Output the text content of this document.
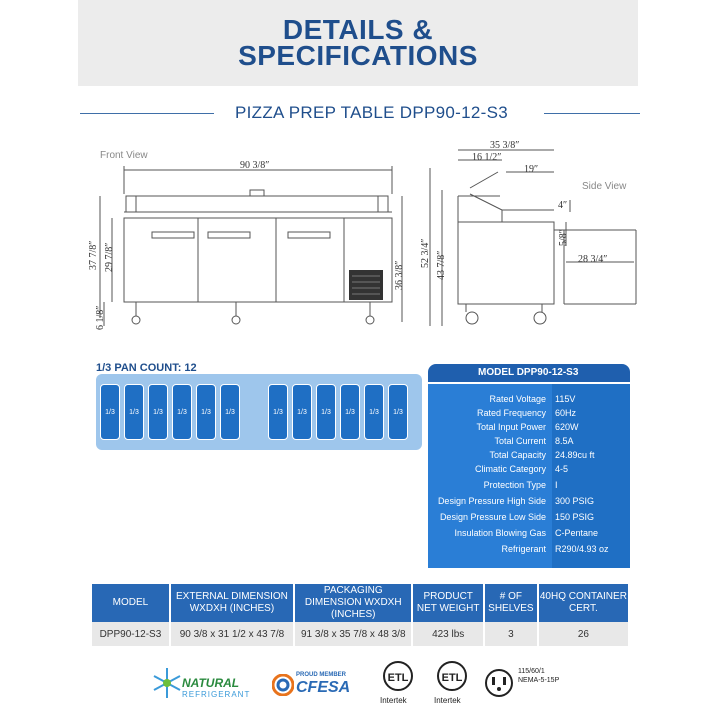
DETAILS &
SPECIFICATIONS
PIZZA PREP TABLE DPP90-12-S3
Front View
Side View
90 3/8″
37 7/8″ 29 7/8″
36 3/8″
6 1/8″
35 3/8″
16 1/2″
19″
4″
5/8″
28 3/4″
52 3/4″ 43 7/8″
1/3 PAN COUNT: 12
1/3	1/3	1/3	1/3	1/3	1/3	1/3	1/3	1/3	1/3	1/3	1/3
MODEL DPP90-12-S3
Rated Voltage 115V
Rated Frequency 60Hz
Total Input Power 620W
Total Current 8.5A
Total Capacity 24.89cu ft
Climatic Category 4-5
Protection Type I
Design Pressure High Side 300 PSIG
Design Pressure Low Side 150 PSIG
Insulation Blowing Gas C-Pentane
Refrigerant R290/4.93 oz
MODEL	EXTERNAL DIMENSION WXDXH (INCHES)	PACKAGING DIMENSION WXDXH (INCHES)	PRODUCT NET WEIGHT	# OF SHELVES	40HQ CONTAINER CERT.
DPP90-12-S3	90 3/8 x 31 1/2 x 43 7/8	91 3/8 x 35 7/8 x 48 3/8	423 lbs	3	26
NATURAL
REFRIGERANT
PROUD MEMBER
CFESA
ETL
Intertek
ETL
Intertek
115/60/1
NEMA-5-15P
